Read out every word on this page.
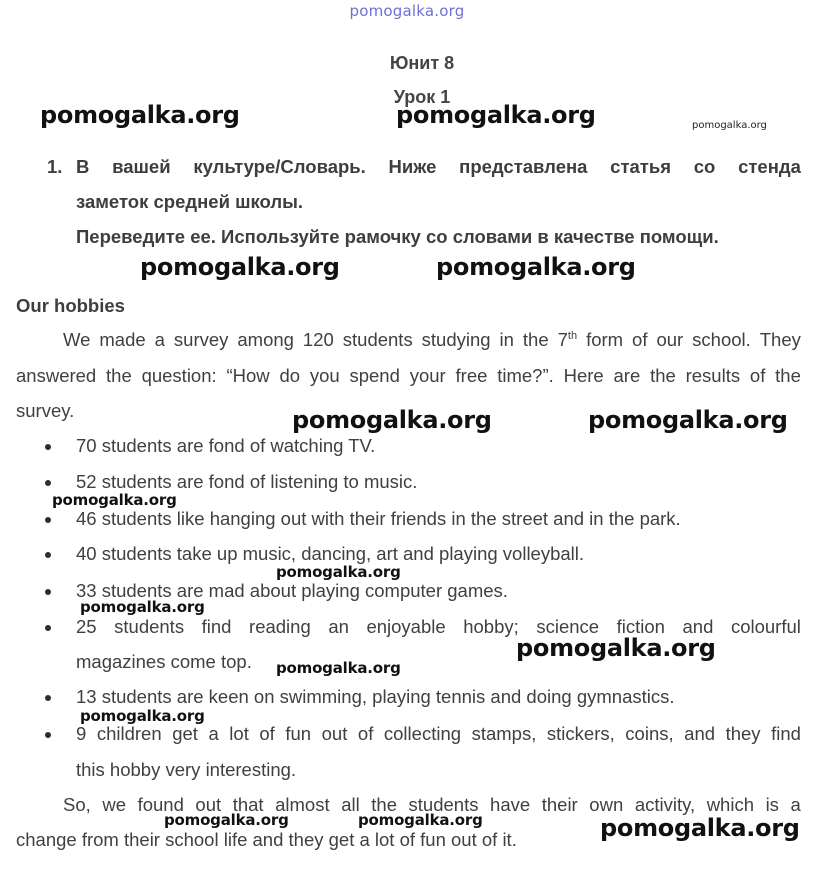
pomogalka.org
Юнит 8
Урок 1
pomogalka.org	pomogalka.org	pomogalka.org
1. В вашей культуре/Словарь. Ниже представлена статья со стенда
заметок средней школы.
Переведите ее. Используйте рамочку со словами в качестве помощи.
pomogalka.org	pomogalka.org
Our hobbies
We made a survey among 120 students studying in the 7th form of our school. They
answered the question: “How do you spend your free time?”. Here are the results of the
survey.	pomogalka.org	pomogalka.org
70 students are fond of watching TV.
52 students are fond of listening to music.
pomogalka.org
46 students like hanging out with their friends in the street and in the park.
40 students take up music, dancing, art and playing volleyball.
pomogalka.org
33 students are mad about playing computer games.
pomogalka.org
25 students find reading an enjoyable hobby; science fiction and colourful
magazines come top. pomogalka.org
pomogalka.org
13 students are keen on swimming, playing tennis and doing gymnastics.
pomogalka.org
9 children get a lot of fun out of collecting stamps, stickers, coins, and they find
this hobby very interesting.
So, we found out that almost all the students have their own activity, which is a
change from their school life and they get a lot of fun out of it.
pomogalka.org	pomogalka.org	pomogalka.org
